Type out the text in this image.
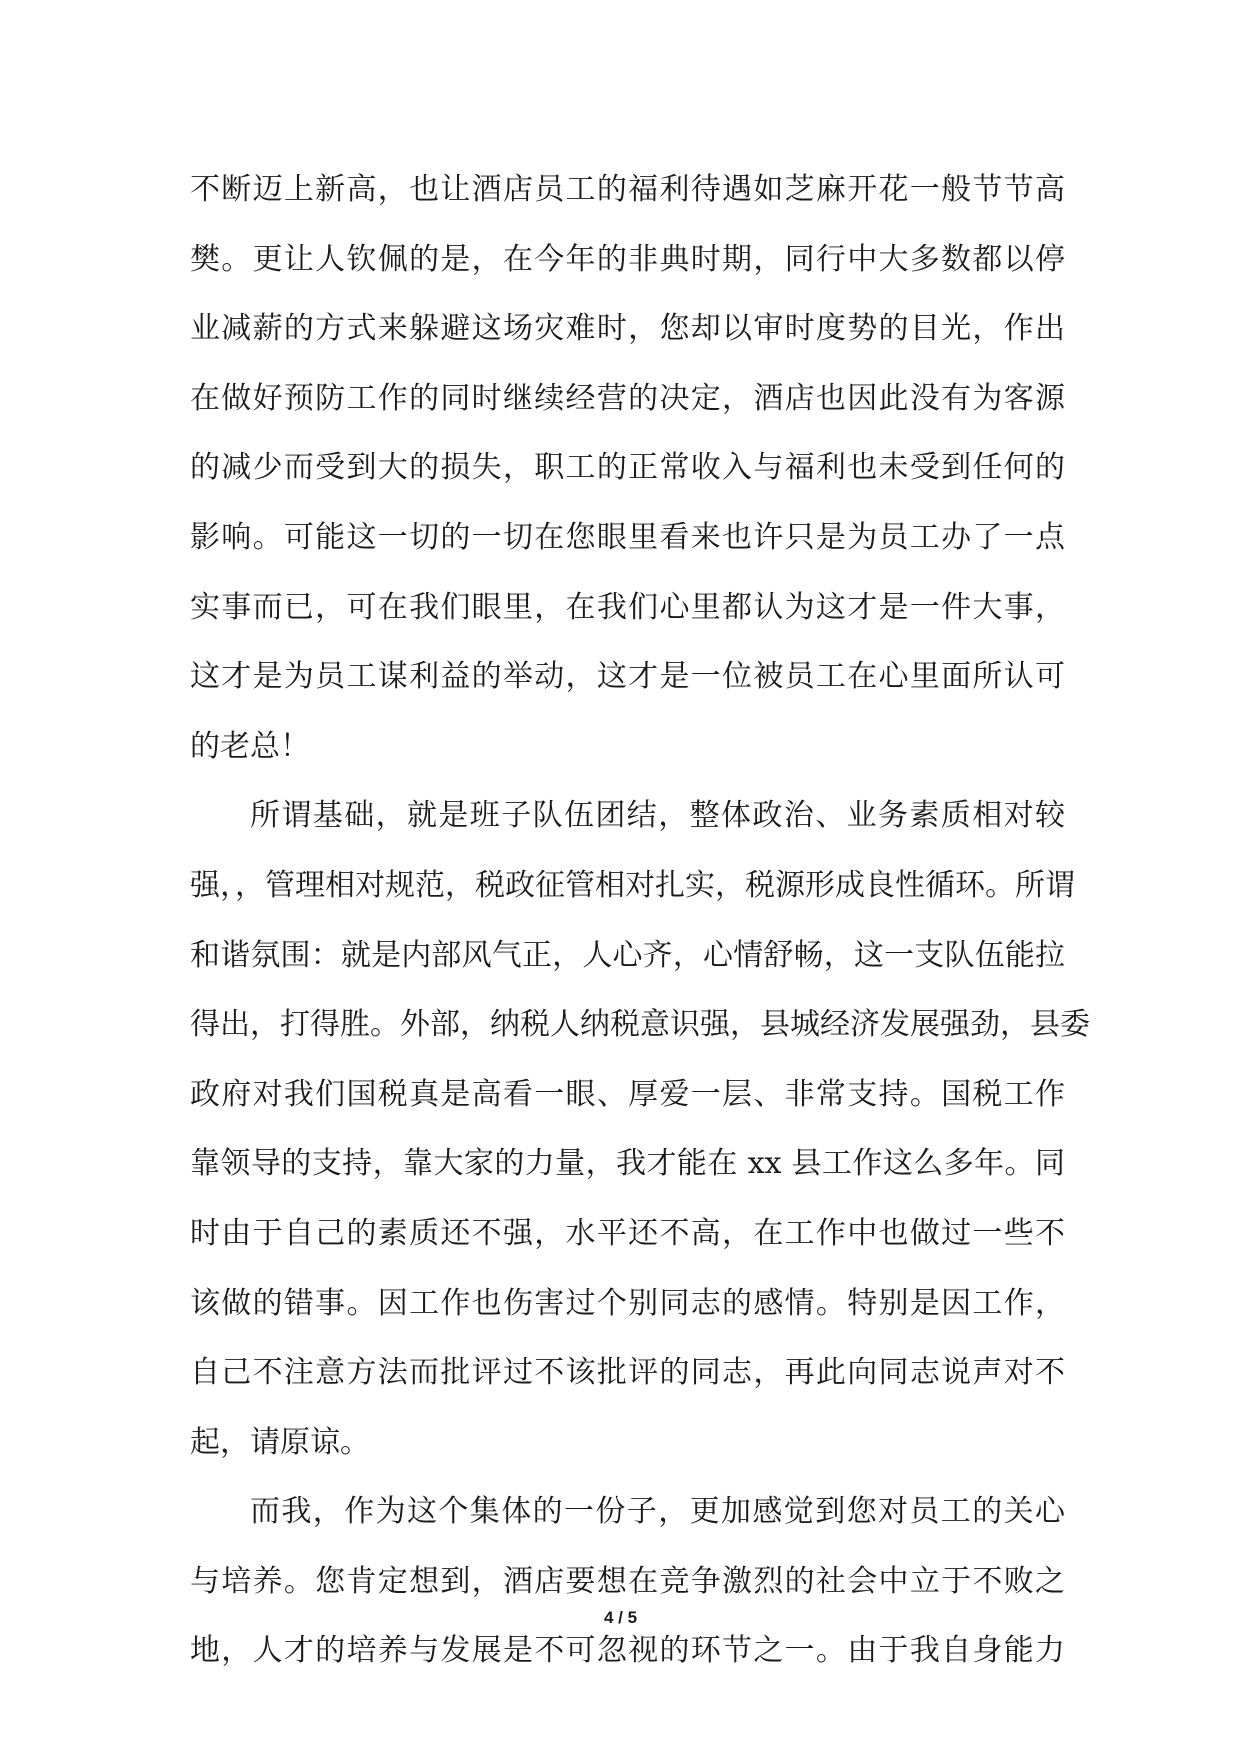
不断迈上新高，也让酒店员工的福利待遇如芝麻开花一般节节高
樊。更让人钦佩的是，在今年的非典时期，同行中大多数都以停
业减薪的方式来躲避这场灾难时，您却以审时度势的目光，作出
在做好预防工作的同时继续经营的决定，酒店也因此没有为客源
的减少而受到大的损失，职工的正常收入与福利也未受到任何的
影响。可能这一切的一切在您眼里看来也许只是为员工办了一点
实事而已，可在我们眼里，在我们心里都认为这才是一件大事，
这才是为员工谋利益的举动，这才是一位被员工在心里面所认可
的老总！
所谓基础，就是班子队伍团结，整体政治、业务素质相对较
强，，管理相对规范，税政征管相对扎实，税源形成良性循环。所谓
和谐氛围：就是内部风气正，人心齐，心情舒畅，这一支队伍能拉
得出，打得胜。外部，纳税人纳税意识强，县城经济发展强劲，县委
政府对我们国税真是高看一眼、厚爱一层、非常支持。国税工作
靠领导的支持，靠大家的力量，我才能在 xx 县工作这么多年。同
时由于自己的素质还不强，水平还不高，在工作中也做过一些不
该做的错事。因工作也伤害过个别同志的感情。特别是因工作，
自己不注意方法而批评过不该批评的同志，再此向同志说声对不
起，请原谅。
而我，作为这个集体的一份子，更加感觉到您对员工的关心
与培养。您肯定想到，酒店要想在竞争激烈的社会中立于不败之
地，人才的培养与发展是不可忽视的环节之一。由于我自身能力
4 / 5
